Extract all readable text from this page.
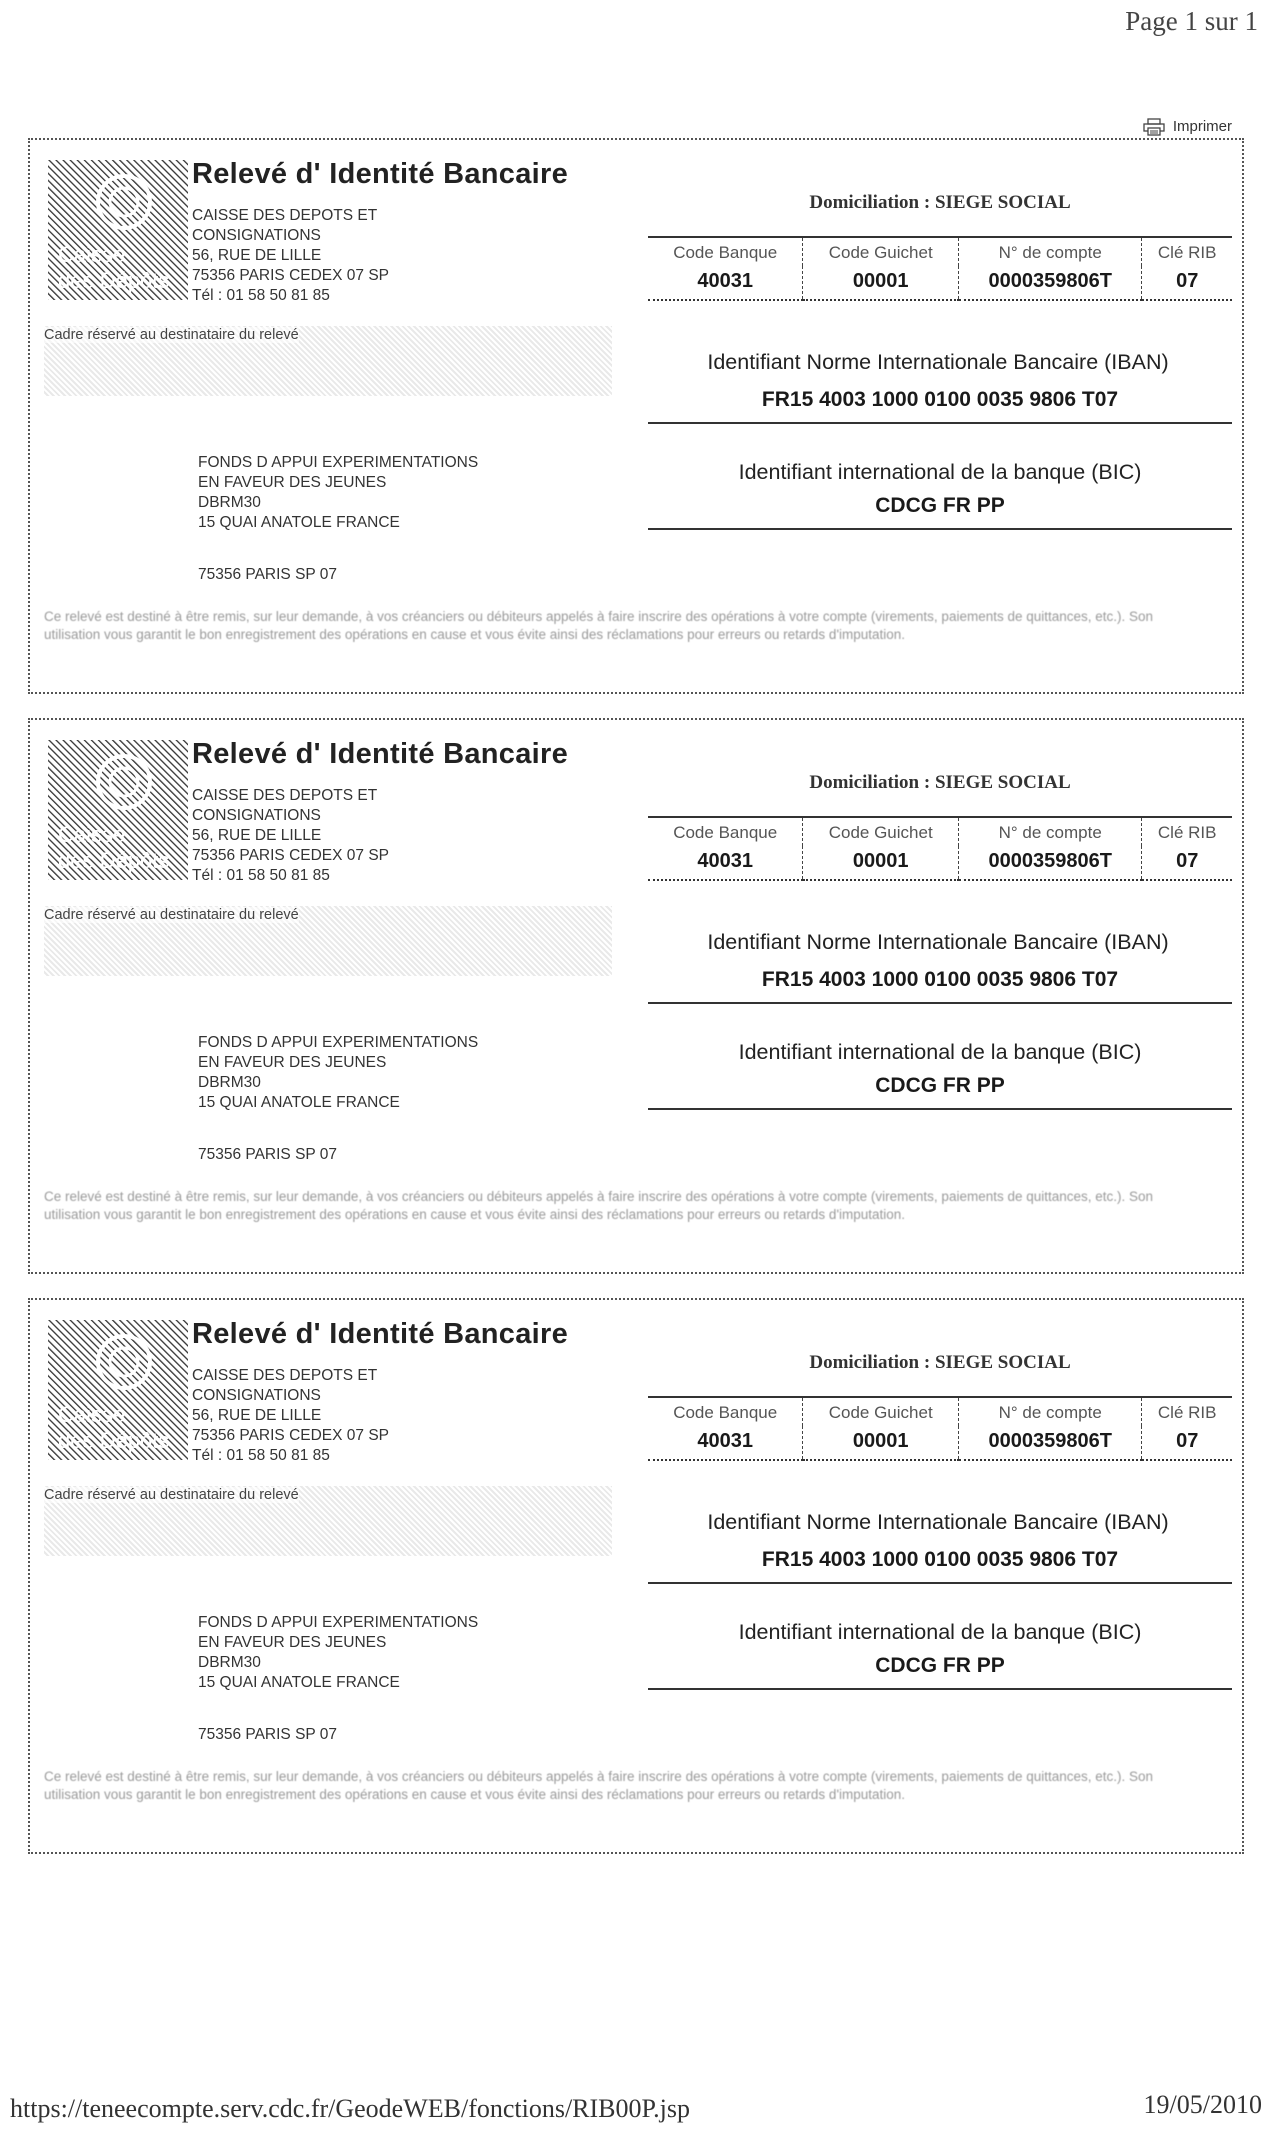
Page 1 sur 1
Imprimer
Caisse
des Dépôts
Relevé d' Identité Bancaire
CAISSE DES DEPOTS ET
CONSIGNATIONS
56, RUE DE LILLE
75356 PARIS CEDEX 07 SP
Tél : 01 58 50 81 85
Cadre réservé au destinataire du relevé
FONDS D APPUI EXPERIMENTATIONS
EN FAVEUR DES JEUNES
DBRM30
15 QUAI ANATOLE FRANCE
75356 PARIS SP 07
Ce relevé est destiné à être remis, sur leur demande, à vos créanciers ou débiteurs appelés à faire inscrire des opérations à votre compte (virements, paiements de quittances, etc.). Son utilisation vous garantit le bon enregistrement des opérations en cause et vous évite ainsi des réclamations pour erreurs ou retards d'imputation.
Domiciliation : SIEGE SOCIAL
Code Banque	Code Guichet	N° de compte	Clé RIB
40031	00001	0000359806T	07
Identifiant Norme Internationale Bancaire (IBAN)
FR15 4003 1000 0100 0035 9806 T07
Identifiant international de la banque (BIC)
CDCG FR PP
Caisse
des Dépôts
Relevé d' Identité Bancaire
CAISSE DES DEPOTS ET
CONSIGNATIONS
56, RUE DE LILLE
75356 PARIS CEDEX 07 SP
Tél : 01 58 50 81 85
Cadre réservé au destinataire du relevé
FONDS D APPUI EXPERIMENTATIONS
EN FAVEUR DES JEUNES
DBRM30
15 QUAI ANATOLE FRANCE
75356 PARIS SP 07
Ce relevé est destiné à être remis, sur leur demande, à vos créanciers ou débiteurs appelés à faire inscrire des opérations à votre compte (virements, paiements de quittances, etc.). Son utilisation vous garantit le bon enregistrement des opérations en cause et vous évite ainsi des réclamations pour erreurs ou retards d'imputation.
Domiciliation : SIEGE SOCIAL
Code Banque	Code Guichet	N° de compte	Clé RIB
40031	00001	0000359806T	07
Identifiant Norme Internationale Bancaire (IBAN)
FR15 4003 1000 0100 0035 9806 T07
Identifiant international de la banque (BIC)
CDCG FR PP
Caisse
des Dépôts
Relevé d' Identité Bancaire
CAISSE DES DEPOTS ET
CONSIGNATIONS
56, RUE DE LILLE
75356 PARIS CEDEX 07 SP
Tél : 01 58 50 81 85
Cadre réservé au destinataire du relevé
FONDS D APPUI EXPERIMENTATIONS
EN FAVEUR DES JEUNES
DBRM30
15 QUAI ANATOLE FRANCE
75356 PARIS SP 07
Ce relevé est destiné à être remis, sur leur demande, à vos créanciers ou débiteurs appelés à faire inscrire des opérations à votre compte (virements, paiements de quittances, etc.). Son utilisation vous garantit le bon enregistrement des opérations en cause et vous évite ainsi des réclamations pour erreurs ou retards d'imputation.
Domiciliation : SIEGE SOCIAL
Code Banque	Code Guichet	N° de compte	Clé RIB
40031	00001	0000359806T	07
Identifiant Norme Internationale Bancaire (IBAN)
FR15 4003 1000 0100 0035 9806 T07
Identifiant international de la banque (BIC)
CDCG FR PP
https://teneecompte.serv.cdc.fr/GeodeWEB/fonctions/RIB00P.jsp	19/05/2010
